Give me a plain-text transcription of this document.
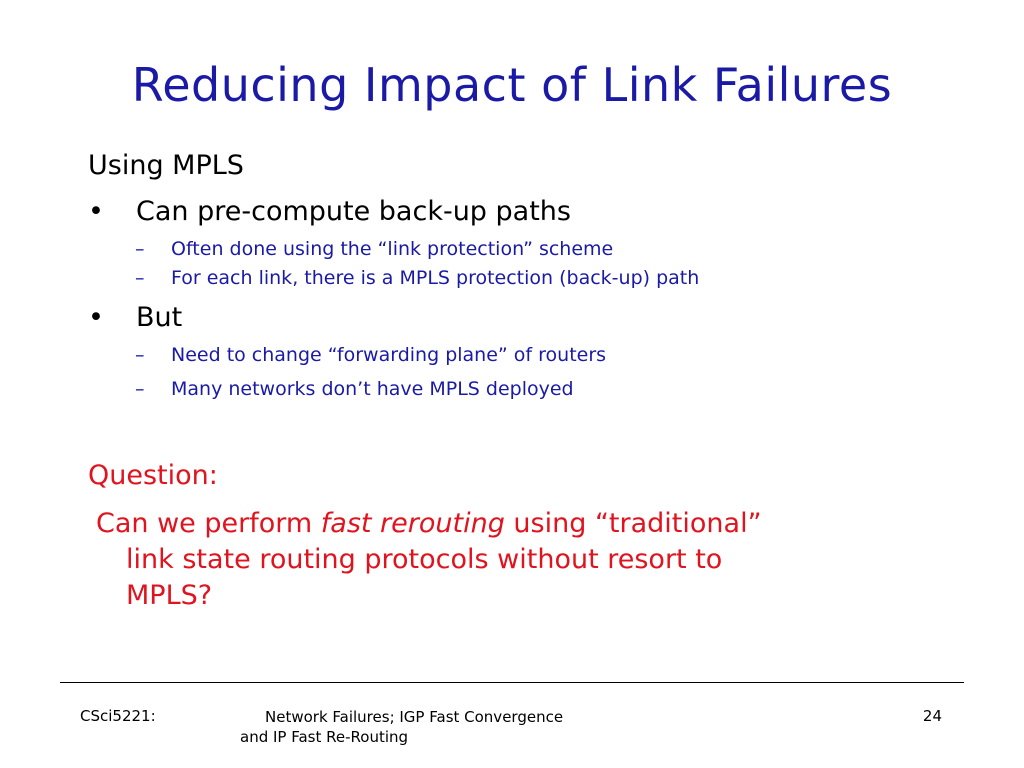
Reducing Impact of Link Failures
Using MPLS
• Can pre-compute back-up paths
– Often done using the “link protection” scheme
– For each link, there is a MPLS protection (back-up) path
• But
– Need to change “forwarding plane” of routers
– Many networks don’t have MPLS deployed
Question:
Can we perform fast rerouting using “traditional”
link state routing protocols without resort to
MPLS?
CSci5221:	Network Failures; IGP Fast Convergence
and IP Fast Re-Routing
24
